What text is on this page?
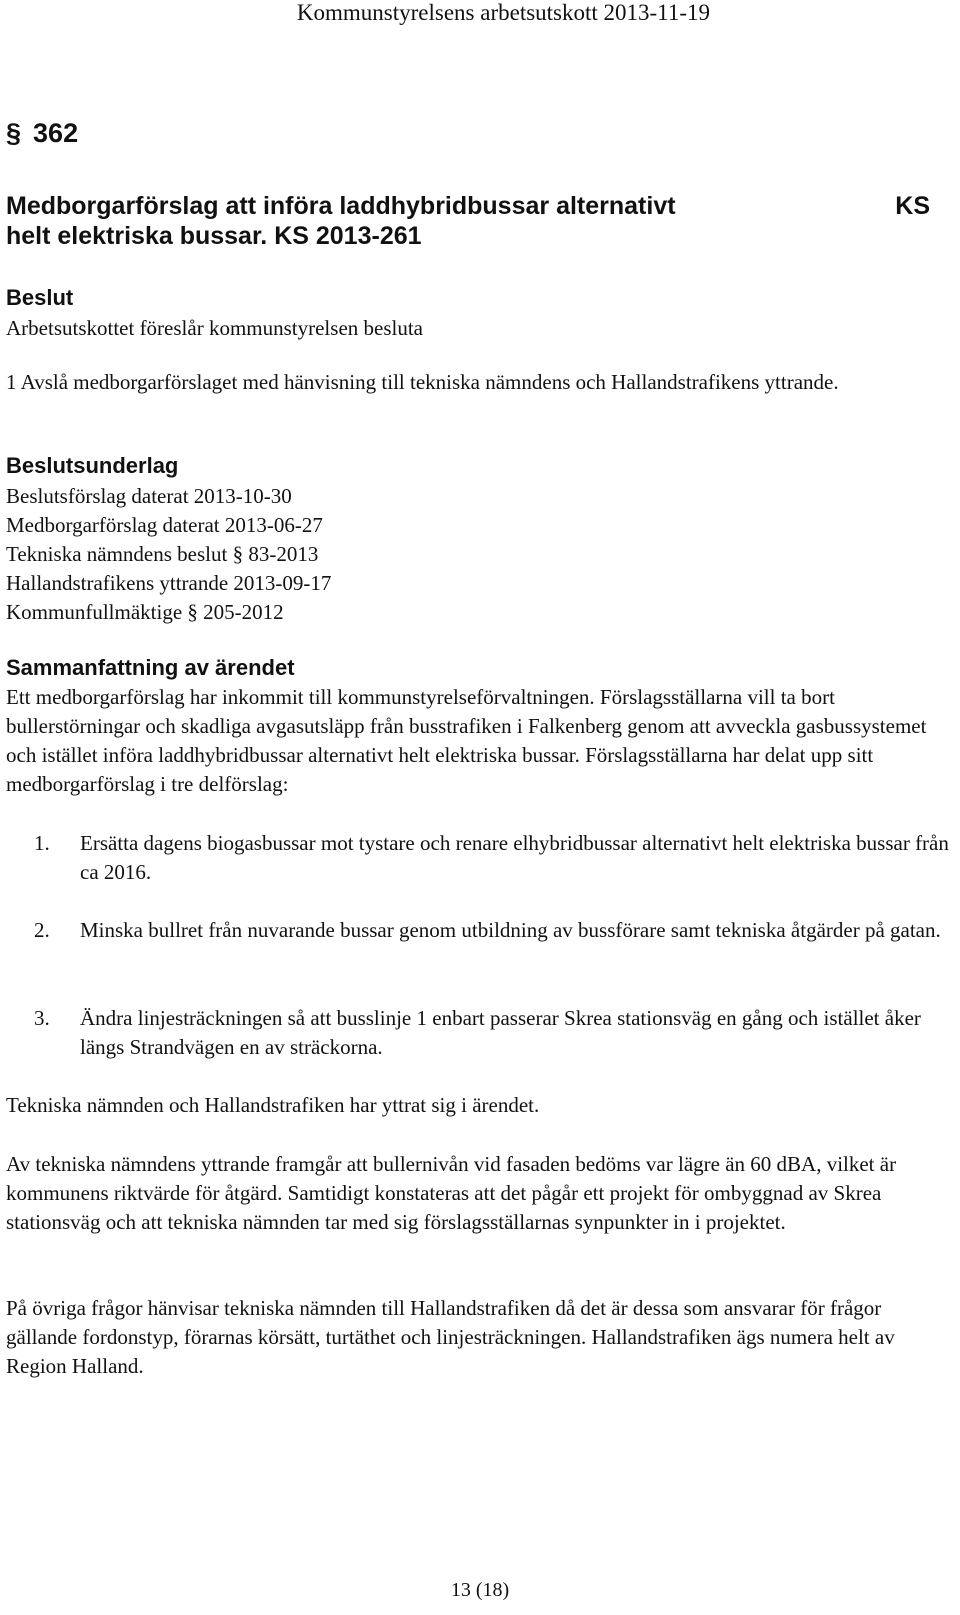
Kommunstyrelsens arbetsutskott 2013-11-19
§ 362
Medborgarförslag att införa laddhybridbussar alternativt helt elektriska bussar. KS 2013-261
KS
Beslut
Arbetsutskottet föreslår kommunstyrelsen besluta
1 Avslå medborgarförslaget med hänvisning till tekniska nämndens och Hallandstrafikens yttrande.
Beslutsunderlag
Beslutsförslag daterat 2013-10-30
Medborgarförslag daterat 2013-06-27
Tekniska nämndens beslut § 83-2013
Hallandstrafikens yttrande 2013-09-17
Kommunfullmäktige § 205-2012
Sammanfattning av ärendet
Ett medborgarförslag har inkommit till kommunstyrelseförvaltningen. Förslagsställarna vill ta bort bullerstörningar och skadliga avgasutsläpp från busstrafiken i Falkenberg genom att avveckla gasbussystemet och istället införa laddhybridbussar alternativt helt elektriska bussar. Förslagsställarna har delat upp sitt medborgarförslag i tre delförslag:
1. Ersätta dagens biogasbussar mot tystare och renare elhybridbussar alternativt helt elektriska bussar från ca 2016.
2. Minska bullret från nuvarande bussar genom utbildning av bussförare samt tekniska åtgärder på gatan.
3. Ändra linjesträckningen så att busslinje 1 enbart passerar Skrea stationsväg en gång och istället åker längs Strandvägen en av sträckorna.
Tekniska nämnden och Hallandstrafiken har yttrat sig i ärendet.
Av tekniska nämndens yttrande framgår att bullernivån vid fasaden bedöms var lägre än 60 dBA, vilket är kommunens riktvärde för åtgärd. Samtidigt konstateras att det pågår ett projekt för ombyggnad av Skrea stationsväg och att tekniska nämnden tar med sig förslagsställarnas synpunkter in i projektet.
På övriga frågor hänvisar tekniska nämnden till Hallandstrafiken då det är dessa som ansvarar för frågor gällande fordonstyp, förarnas körsätt, turtäthet och linjesträckningen. Hallandstrafiken ägs numera helt av Region Halland.
13 (18)
